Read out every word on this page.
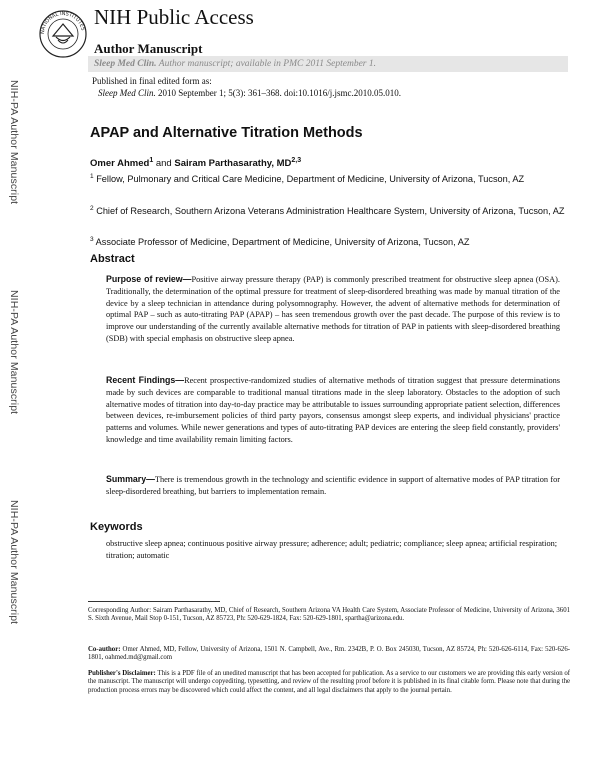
NATIONAL INSTITUTES NIH Public Access
Author Manuscript
Sleep Med Clin. Author manuscript; available in PMC 2011 September 1.
Published in final edited form as:
Sleep Med Clin. 2010 September 1; 5(3): 361–368. doi:10.1016/j.jsmc.2010.05.010.
NIH-PA Author Manuscript
NIH-PA Author Manuscript
NIH-PA Author Manuscript
APAP and Alternative Titration Methods
Omer Ahmed$^1$ and Sairam Parthasarathy, MD$^{2,3}$
$^1$ Fellow, Pulmonary and Critical Care Medicine, Department of Medicine, University of Arizona, Tucson, AZ
$^2$ Chief of Research, Southern Arizona Veterans Administration Healthcare System, University of Arizona, Tucson, AZ
$^3$ Associate Professor of Medicine, Department of Medicine, University of Arizona, Tucson, AZ
Abstract
Purpose of review—Positive airway pressure therapy (PAP) is commonly prescribed treatment for obstructive sleep apnea (OSA). Traditionally, the determination of the optimal pressure for treatment of sleep-disordered breathing was made by manual titration of the device by a sleep technician in attendance during polysomnography. However, the advent of alternative methods for determination of optimal PAP – such as auto-titrating PAP (APAP) – has seen tremendous growth over the past decade. The purpose of this review is to improve our understanding of the currently available alternative methods for titration of PAP in patients with sleep-disordered breathing (SDB) with special emphasis on obstructive sleep apnea.
Recent Findings—Recent prospective-randomized studies of alternative methods of titration suggest that pressure determinations made by such devices are comparable to traditional manual titrations made in the sleep laboratory. Obstacles to the adoption of such alternative modes of titration into day-to-day practice may be attributable to issues surrounding appropriate patient selection, differences between devices, re-imbursement policies of third party payors, consensus amongst sleep experts, and individual physicians' practice patterns and volumes. While newer generations and types of auto-titrating PAP devices are entering the sleep field constantly, providers' knowledge and time availability remain limiting factors.
Summary—There is tremendous growth in the technology and scientific evidence in support of alternative modes of PAP titration for sleep-disordered breathing, but barriers to implementation remain.
Keywords
obstructive sleep apnea; continuous positive airway pressure; adherence; adult; pediatric; compliance; sleep apnea; artificial respiration; titration; automatic
Corresponding Author: Sairam Parthasarathy, MD, Chief of Research, Southern Arizona VA Health Care System, Associate Professor of Medicine, University of Arizona, 3601 S. Sixth Avenue, Mail Stop 0-151, Tucson, AZ 85723, Ph: 520-629-1824, Fax: 520-629-1801, spartha@arizona.edu.
Co-author: Omer Ahmed, MD, Fellow, University of Arizona, 1501 N. Campbell, Ave., Rm. 2342B, P. O. Box 245030, Tucson, AZ 85724, Ph: 520-626-6114, Fax: 520-626-1801, oahmed.md@gmail.com
Publisher's Disclaimer: This is a PDF file of an unedited manuscript that has been accepted for publication. As a service to our customers we are providing this early version of the manuscript. The manuscript will undergo copyediting, typesetting, and review of the resulting proof before it is published in its final citable form. Please note that during the production process errors may be discovered which could affect the content, and all legal disclaimers that apply to the journal pertain.
